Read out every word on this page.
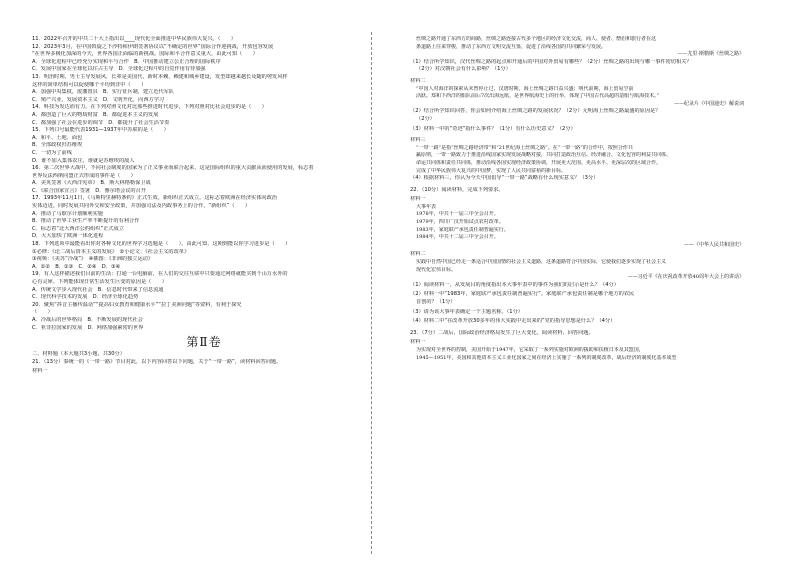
11．2022年召开的中共二十大上指出以____现代化全面推进中华民族伟大复兴。（　　）
12．2023年3月，在中国斡旋之下沙特和伊朗签署协议以“不确定的世界”国际合作迎挑战，开放包容发展
“在世界多极化加深的今天，世界各国正面临的新挑战。国际和平合作意义重大，由此可知（　　）
A．全球化进程中已经充分实现和平与合作　B．中国推动建立公正合理的国际秩序
C．发展中国家在全球化以往占主导　D．全球化过程中的自觉作用有待加强
13．明治时期，男士主导发展风，长辈是美国代，新时本赖，赖建和城乡建设，发型却越来越长及随的剪发风样
这样的简单结构可以促使哪个平均到非中（　　）
A．加强中央集权，废藩置县　B．实行征兵制，建立近代军队
C．殖产兴业，发展资本主义　D．文明开化，向西方学习
14．科技为发达而有力。在下列对照文化对比那些推进时代进步，下列对照对比社会进步的是（　　）
A．都创造了巨大的物质财富　B．都促进本主义的发展
C．都加强了社会在进步的调节　D．都提升了社会生活节奏
15．下列口号最能代表1931—1937年中苏联的是（　　）
A．和平、土地、面包
B．全部政权归苏维埃
C．一切为了前线
D．谁不加入集体农庄，谁就是苏维埃的敌人
16．第二次世界大战中，不同社会制度的国家为了正义事业而联合起来，这是国际组织的重大贡献从而使用的发展，标志着
世界反法西斯同盟正式形成的事件是（　　）
A．美英签署《大西洋宪章》　B．斯大林格勒保卫战
C．《联合国家宣言》签署　D．雅尔塔会议的召开
17．1993年11月1日，《马斯特里赫特条约》正式生效。新组织正式成立，这标志着欧洲在经济实体向政治
实体迈进。同时发展共同外交和安全政策，并加强司法及内政事务上的合作，“新组织”（　　）
A．推动了马歇尔计划顺利实施
B．推动了世界工业生产率不断提升的有利合作
C．标志着“北大西洋公约组织”正式成立
D．大大加快了欧洲一体化进程
18．下列选项中最能看出你对各种文化的世界学习选题是（　　）。由此可知，这期到能以你学习进步是（　　）
①必修：《论二战后资本主义的发展》　②小论文：《社会主义的改革》
③视频：《美苏“冷战”》　④插图：《非洲的独立运动》
A．①②　B．①③　C．②④　D．③④
19．有人这样描述我们目前的生活：打通一台电脑前，在人们的交往互联中只要通过网络就能买到千山万水外的
心有灵犀。下列能体现日常生活发生巨变的原因是（　　）
A．传统文学步入现代社会　B．信息时代带来了信息流通
C．现代科学技术的发展　D．经济全球化趋势
20．聚焦“抖音主播传温话”“提高妇女教育和健康水平”“拉丁美洲问题”等资料，有利于探究
（　　）
A．冷战后的世界格局　B．不断发展的现代社会
C．亚非拉国家的发展　D．网络加强紧密的世界
第Ⅱ卷
二、材料题（本大题共3小题，共30分）
21．（13分）秦统一的《一带一路》节目对此，以下内容回答以下问题，关于“一带一路”，读材料回答问题。
材料一
丝绸之路开通了东西方的商路，丝绸之路连接古代多个地区的经济文化交流，商人、使者、僧侣和旅行者在这
条道路上往来穿梭，推动了东西方文明交流互鉴，促进了沿线各国的共同繁荣与发展。
——尤里·斯勒斯《丝绸之路》
（1）结合所学知识，汉代丝绸之路的起点和开通后的中国对外贸易有哪些？（2分）丝绸之路的出现与哪一事件密切相关？
（2分）对汉朝社会有什么影响？（1分）
材料二
“中国人对海洋的探索从未曾停止过，汉唐时期，海上丝绸之路日益兴盛；明代前期，海上贸易空前
活跃。郑和下西洋的船队前后7次出海远航，是世界航海史上的壮举，体现了中国古代高超的造船与航海技术。”
——纪录片《中国通史》解说词
（2）结合所学知识回答，你会如何介绍海上丝绸之路的发展状况？（2分）元明海上丝绸之路最盛的原因是？
（2分）
（3）材料一中的“奇迹”指什么事件？（1分）有什么历史意义？（2分）
材料三
“一带一路”是指“丝绸之路经济带”和“21世纪海上丝绸之路”。在“一带一路”的合作中，按照合作共
赢原则，一带一路致力于推进沿线国家实现发展战略对接，共同打造政治互信、经济融合、文化包容的利益共同体、
命运共同体和责任共同体，推动沿线各国实现经济政策协调，开展更大范围、更高水平、更深层次的区域合作。
完成了中华民族伟大复兴的中国梦，实现了人民共同富裕的新目标。
（4）根据材料三，你认为今天中国倡导“一带一路”战略有什么现实意义？（3分）
22．（10分）阅读材料，完成下列要求。
材料一
大事年表
1978年，中共十一届三中全会召开。
1979年，四川广汉开始试点农村改革。
1983年，家庭联产承包责任制普遍实行。
1984年，中共十二届三中全会召开。
——《中华人民共和国史》
材料二
实践中自然中国已经走一条适合中国国情的社会主义道路，这条道路符合中国实际，它使我们逐步实现了社会主义
现代化宏伟目标。
——习近平《在庆祝改革开放40周年大会上的讲话》
（1）阅读材料一，从发展目的角度指出本大事年表中的事件为我们的启示是什么？（4分）
（2）材料一中“1983年，家庭联产承包责任制普遍实行”。家庭联产承包责任制是哪个地方的农民
首创的？（1分）
（3）请为该大事年表确定一个主题名称。（1分）
（4）材料二中“在改革开放30多年的伟大实践中走出来的”党的指导思想是什么？（4分）
23．（7分）二战后，国际政治经济格局发生了巨大变化。阅读材料，回答问题。
材料一
为实现对全世界的控制，美国开始于1947年，它采取了一系列实施对欧洲的援助和扶植日本及其盟国，
1945—1951年，美国和其他资本主义工业化国家之间在经济上实施了一系列的制度改革，战后经济的制度化基本成型
